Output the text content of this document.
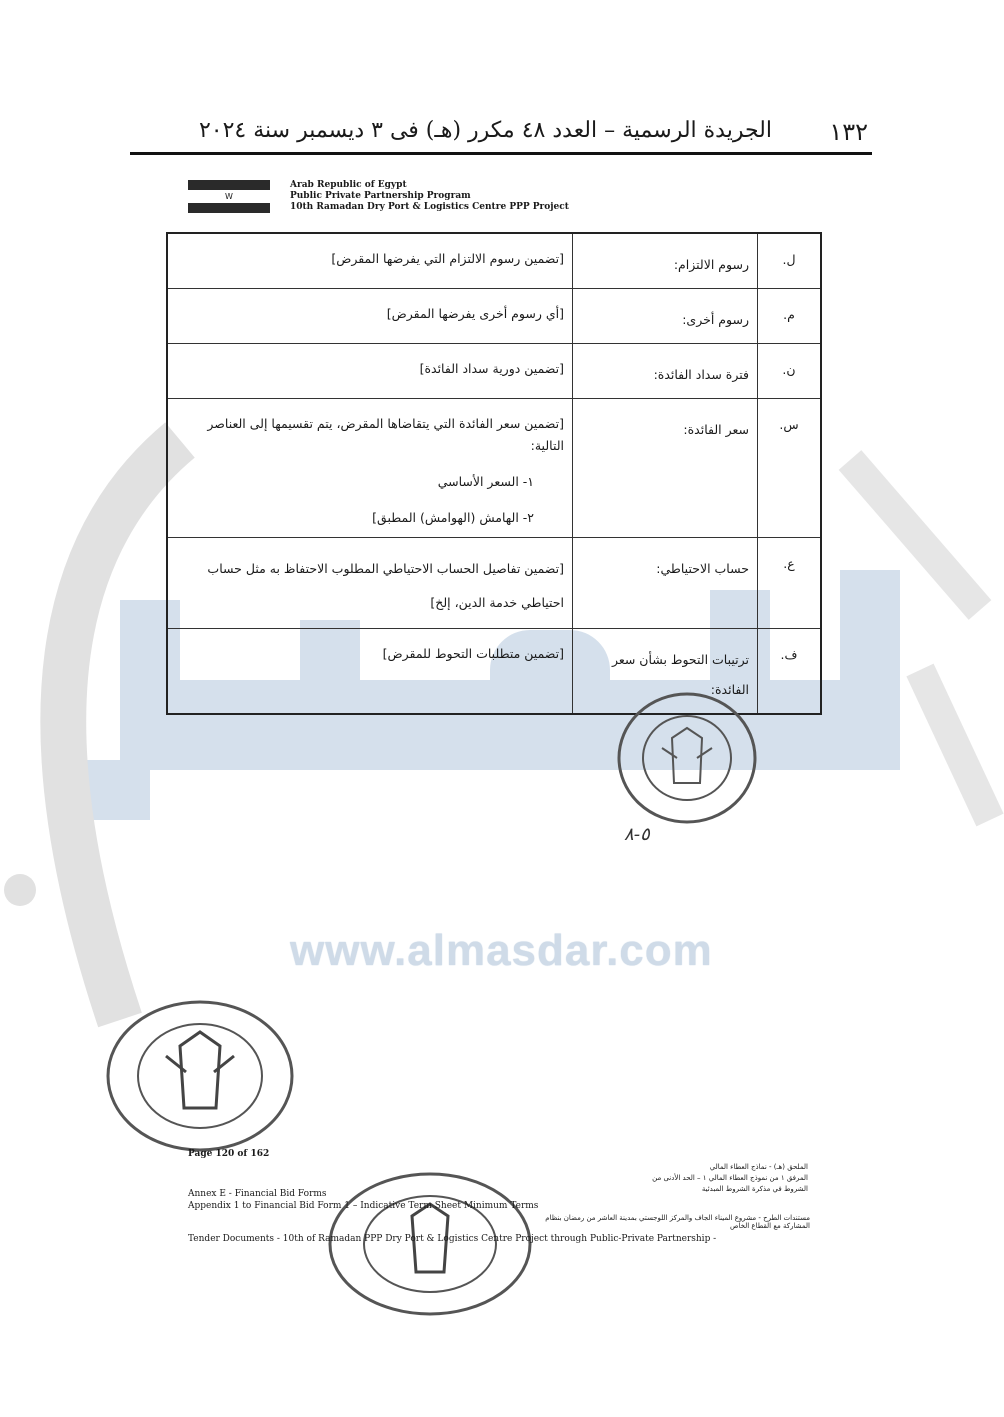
www.almasdar.com
١٣٢
الجريدة الرسمية – العدد ٤٨ مكرر (هـ) فى ٣ ديسمبر سنة ٢٠٢٤
W
Arab Republic of Egypt
Public Private Partnership Program
10th Ramadan Dry Port & Logistics Centre PPP Project
ل.	رسوم الالتزام:	[تضمين رسوم الالتزام التي يفرضها المقرض]
م.	رسوم أخرى:	[أي رسوم أخرى يفرضها المقرض]
ن.	فترة سداد الفائدة:	[تضمين دورية سداد الفائدة]
س.	سعر الفائدة:	[تضمين سعر الفائدة التي يتقاضاها المقرض، يتم تقسيمها إلى العناصر التالية:
١- السعر الأساسي
٢- الهامش (الهوامش) المطبق]

ع.	حساب الاحتياطي:	[تضمين تفاصيل الحساب الاحتياطي المطلوب الاحتفاظ به مثل حساب احتياطي خدمة الدين، إلخ]
ف.	ترتيبات التحوط بشأن سعر الفائدة:	[تضمين متطلبات التحوط للمقرض]
٥-٨
Page 120 of 162
Annex E - Financial Bid Forms
Appendix 1 to Financial Bid Form 1 – Indicative Term Sheet Minimum Terms
الملحق (هـ) - نماذج العطاء المالي
المرفق ١ من نموذج العطاء المالي ١ – الحد الأدنى من الشروط في مذكرة الشروط المبدئية
مستندات الطرح - مشروع الميناء الجاف والمركز اللوجستي بمدينة العاشر من رمضان بنظام المشاركة مع القطاع الخاص
Tender Documents - 10th of Ramadan PPP Dry Port & Logistics Centre Project through Public-Private Partnership -
